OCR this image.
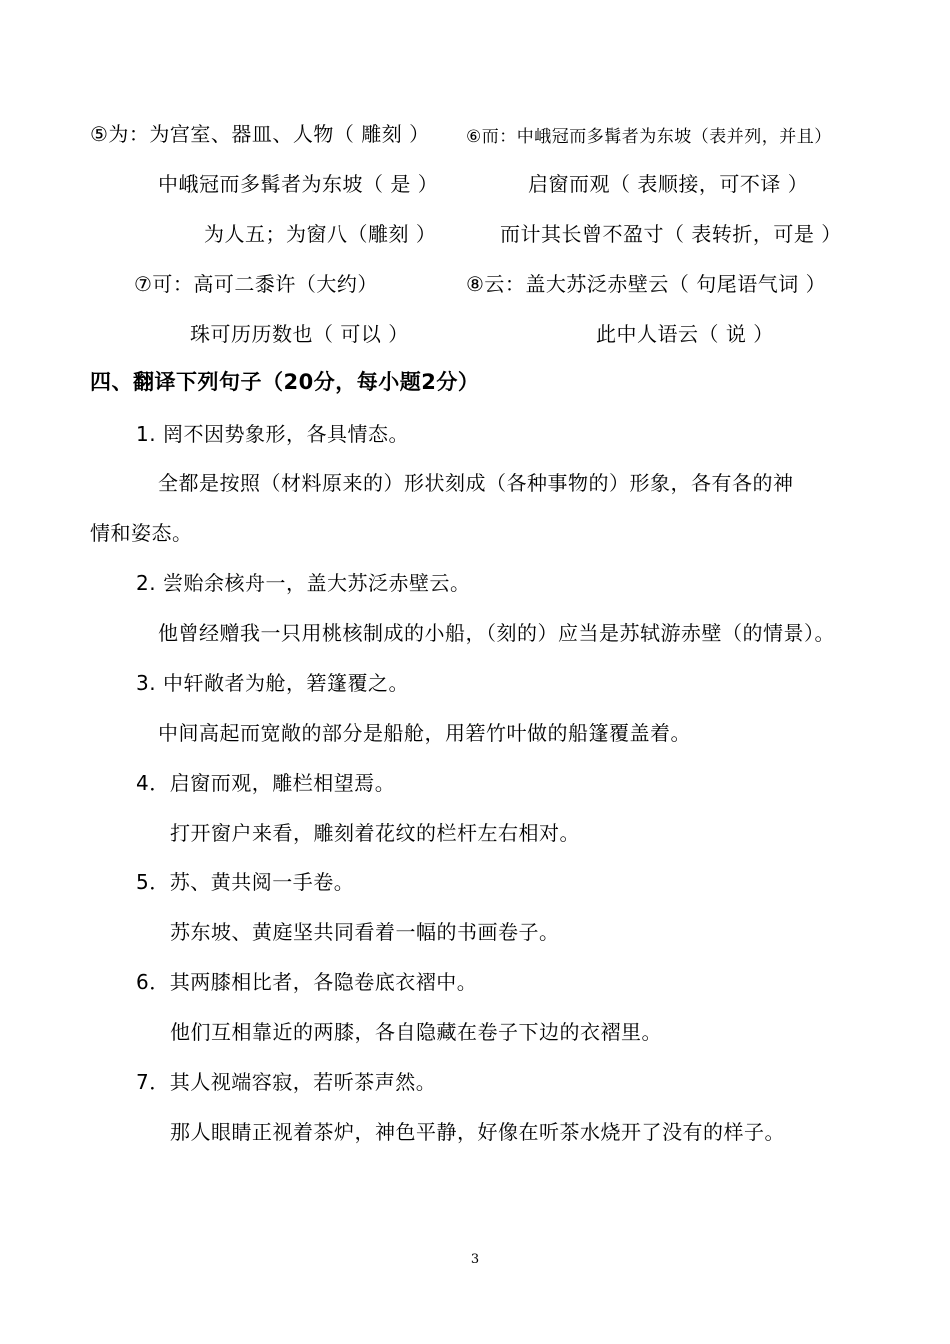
⑤为：为宫室、器皿、人物（ 雕刻 ） ⑥而：中峨冠而多髯者为东坡（表并列，并且）
中峨冠而多髯者为东坡（ 是 ）	启窗而观（ 表顺接，可不译 ）
为人五；为窗八（雕刻 ）	而计其长曾不盈寸（ 表转折，可是 ）
⑦可：高可二黍许（大约）	⑧云：盖大苏泛赤壁云（ 句尾语气词 ）
珠可历历数也（ 可以 ）	此中人语云（ 说 ）
四、翻译下列句子（20分，每小题2分）
1. 罔不因势象形，各具情态。
全都是按照（材料原来的）形状刻成（各种事物的）形象，各有各的神
情和姿态。
2. 尝贻余核舟一，盖大苏泛赤壁云。
他曾经赠我一只用桃核制成的小船，（刻的）应当是苏轼游赤壁（的情景）。
3. 中轩敞者为舱，箬篷覆之。
中间高起而宽敞的部分是船舱，用箬竹叶做的船篷覆盖着。
4．启窗而观，雕栏相望焉。
打开窗户来看，雕刻着花纹的栏杆左右相对。
5．苏、黄共阅一手卷。
苏东坡、黄庭坚共同看着一幅的书画卷子。
6．其两膝相比者，各隐卷底衣褶中。
他们互相靠近的两膝，各自隐藏在卷子下边的衣褶里。
7．其人视端容寂，若听茶声然。
那人眼睛正视着茶炉，神色平静，好像在听茶水烧开了没有的样子。
3
